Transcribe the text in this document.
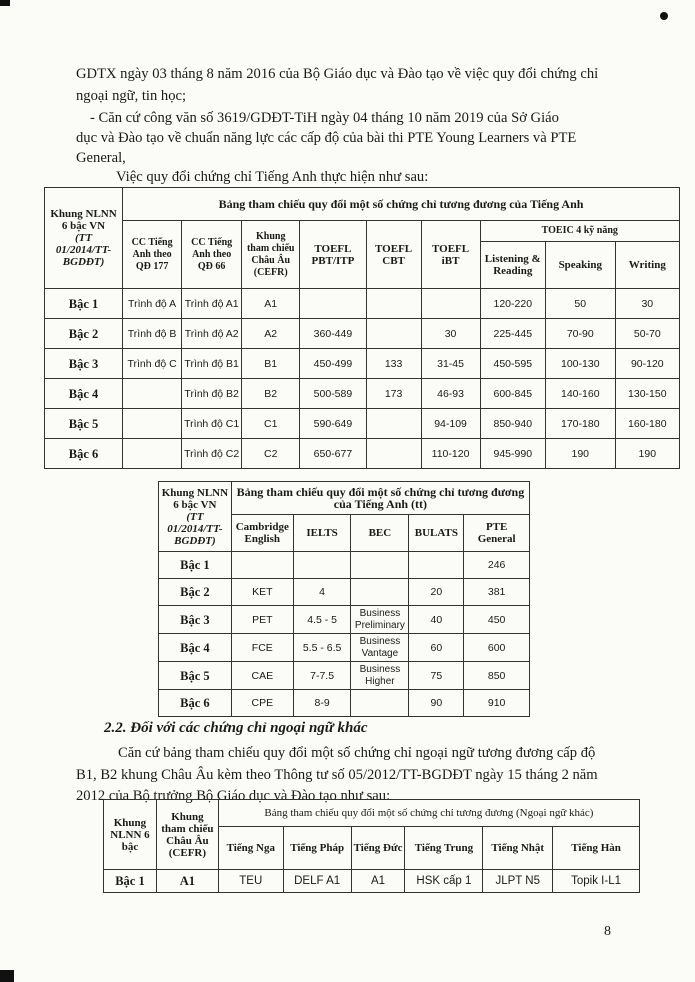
GDTX ngày 03 tháng 8 năm 2016 của Bộ Giáo dục và Đào tạo về việc quy đổi chứng chỉ

ngoại ngữ, tin học;

- Căn cứ công văn số 3619/GDĐT-TiH ngày 04 tháng 10 năm 2019 của Sở Giáo

dục và Đào tạo về chuẩn năng lực các cấp độ của bài thi PTE Young Learners và PTE

General,

Việc quy đổi chứng chỉ Tiếng Anh thực hiện như sau:

Khung NLNN 6 bậc VN
(TT 01/2014/TT-BGDĐT)	Bảng tham chiếu quy đổi một số chứng chỉ tương đương của Tiếng Anh								
	CC Tiếng Anh theo QĐ 177	CC Tiếng Anh theo QĐ 66	Khung tham chiếu Châu Âu (CEFR)	TOEFL PBT/ITP	TOEFL CBT	TOEFL iBT	TOEIC 4 kỹ năng		
							Listening & Reading	Speaking	Writing
Bậc 1	Trình độ A	Trình độ A1	A1				120-220	50	30
Bậc 2	Trình độ B	Trình độ A2	A2	360-449		30	225-445	70-90	50-70
Bậc 3	Trình độ C	Trình độ B1	B1	450-499	133	31-45	450-595	100-130	90-120
Bậc 4		Trình độ B2	B2	500-589	173	46-93	600-845	140-160	130-150
Bậc 5		Trình độ C1	C1	590-649		94-109	850-940	170-180	160-180
Bậc 6		Trình độ C2	C2	650-677		110-120	945-990	190	190
Khung NLNN 6 bậc VN
(TT 01/2014/TT-BGDĐT)	Bảng tham chiếu quy đổi một số chứng chỉ tương đương của Tiếng Anh (tt)				
	Cambridge English	IELTS	BEC	BULATS	PTE General
Bậc 1					246
Bậc 2	KET	4		20	381
Bậc 3	PET	4.5 - 5	Business Preliminary	40	450
Bậc 4	FCE	5.5 - 6.5	Business Vantage	60	600
Bậc 5	CAE	7-7.5	Business Higher	75	850
Bậc 6	CPE	8-9		90	910
2.2. Đối với các chứng chỉ ngoại ngữ khác

Căn cứ bảng tham chiếu quy đổi một số chứng chỉ ngoại ngữ tương đương cấp độ

B1, B2 khung Châu Âu kèm theo Thông tư số 05/2012/TT-BGDĐT ngày 15 tháng 2 năm

2012 của Bộ trưởng Bộ Giáo dục và Đào tạo như sau:

Khung NLNN 6 bậc	Khung tham chiếu Châu Âu (CEFR)	Bảng tham chiếu quy đổi một số chứng chỉ tương đương (Ngoại ngữ khác)					
		Tiếng Nga	Tiếng Pháp	Tiếng Đức	Tiếng Trung	Tiếng Nhật	Tiếng Hàn
Bậc 1	A1	TEU	DELF A1	A1	HSK cấp 1	JLPT N5	Topik I-L1
8
